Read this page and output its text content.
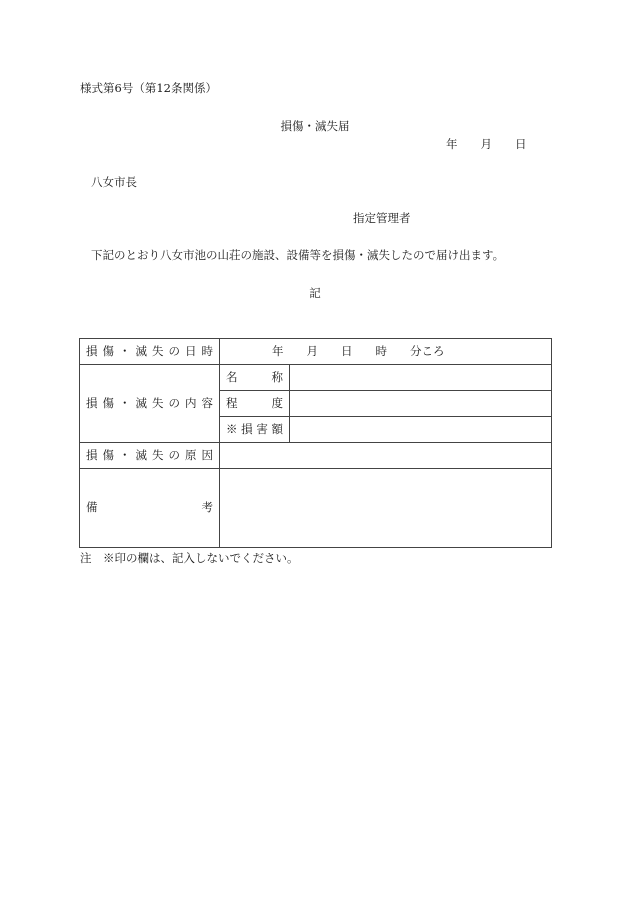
様式第6号（第12条関係）
損傷・滅失届
年　　月　　日
八女市長
指定管理者
下記のとおり八女市池の山荘の施設、設備等を損傷・滅失したので届け出ます。
記
損傷・滅失の日時	年　　月　　日　　時　　分ころ	
損傷・滅失の内容	名称	
	程度	
	※損害額	
損傷・滅失の原因		

備 考		

注　※印の欄は、記入しないでください。
